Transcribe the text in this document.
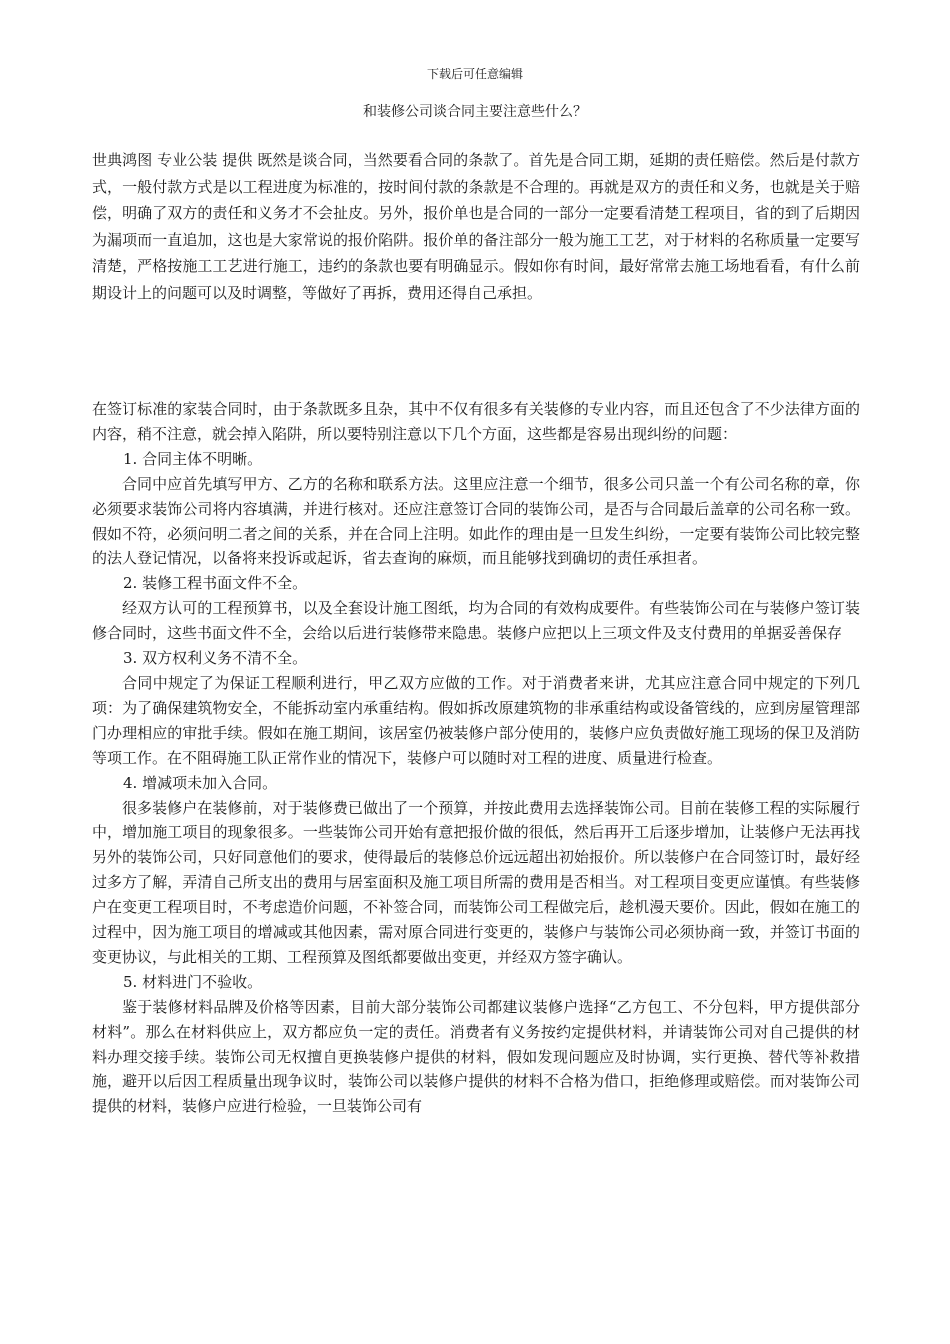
下载后可任意编辑
和装修公司谈合同主要注意些什么？

世典鸿图 专业公装 提供 既然是谈合同，当然要看合同的条款了。首先是合同工期，延期的责任赔偿。然后是付款方式，一般付款方式是以工程进度为标准的，按时间付款的条款是不合理的。再就是双方的责任和义务，也就是关于赔偿，明确了双方的责任和义务才不会扯皮。另外，报价单也是合同的一部分一定要看清楚工程项目，省的到了后期因为漏项而一直追加，这也是大家常说的报价陷阱。报价单的备注部分一般为施工工艺，对于材料的名称质量一定要写清楚，严格按施工工艺进行施工，违约的条款也要有明确显示。假如你有时间，最好常常去施工场地看看，有什么前期设计上的问题可以及时调整，等做好了再拆，费用还得自己承担。

在签订标准的家装合同时，由于条款既多且杂，其中不仅有很多有关装修的专业内容，而且还包含了不少法律方面的内容，稍不注意，就会掉入陷阱，所以要特别注意以下几个方面，这些都是容易出现纠纷的问题：

1. 合同主体不明晰。

合同中应首先填写甲方、乙方的名称和联系方法。这里应注意一个细节，很多公司只盖一个有公司名称的章，你必须要求装饰公司将内容填满，并进行核对。还应注意签订合同的装饰公司，是否与合同最后盖章的公司名称一致。假如不符，必须问明二者之间的关系，并在合同上注明。如此作的理由是一旦发生纠纷，一定要有装饰公司比较完整的法人登记情况，以备将来投诉或起诉，省去查询的麻烦，而且能够找到确切的责任承担者。

2. 装修工程书面文件不全。

经双方认可的工程预算书，以及全套设计施工图纸，均为合同的有效构成要件。有些装饰公司在与装修户签订装修合同时，这些书面文件不全，会给以后进行装修带来隐患。装修户应把以上三项文件及支付费用的单据妥善保存

3. 双方权利义务不清不全。

合同中规定了为保证工程顺利进行，甲乙双方应做的工作。对于消费者来讲，尤其应注意合同中规定的下列几项：为了确保建筑物安全，不能拆动室内承重结构。假如拆改原建筑物的非承重结构或设备管线的，应到房屋管理部门办理相应的审批手续。假如在施工期间，该居室仍被装修户部分使用的，装修户应负责做好施工现场的保卫及消防等项工作。在不阻碍施工队正常作业的情况下，装修户可以随时对工程的进度、质量进行检查。

4. 增减项未加入合同。

很多装修户在装修前，对于装修费已做出了一个预算，并按此费用去选择装饰公司。目前在装修工程的实际履行中，增加施工项目的现象很多。一些装饰公司开始有意把报价做的很低，然后再开工后逐步增加，让装修户无法再找另外的装饰公司，只好同意他们的要求，使得最后的装修总价远远超出初始报价。所以装修户在合同签订时，最好经过多方了解，弄清自己所支出的费用与居室面积及施工项目所需的费用是否相当。对工程项目变更应谨慎。有些装修户在变更工程项目时，不考虑造价问题，不补签合同，而装饰公司工程做完后，趁机漫天要价。因此，假如在施工的过程中，因为施工项目的增减或其他因素，需对原合同进行变更的，装修户与装饰公司必须协商一致，并签订书面的变更协议，与此相关的工期、工程预算及图纸都要做出变更，并经双方签字确认。

5. 材料进门不验收。

鉴于装修材料品牌及价格等因素，目前大部分装饰公司都建议装修户选择“乙方包工、不分包料，甲方提供部分材料”。那么在材料供应上，双方都应负一定的责任。消费者有义务按约定提供材料，并请装饰公司对自己提供的材料办理交接手续。装饰公司无权擅自更换装修户提供的材料，假如发现问题应及时协调，实行更换、替代等补救措施，避开以后因工程质量出现争议时，装饰公司以装修户提供的材料不合格为借口，拒绝修理或赔偿。而对装饰公司提供的材料，装修户应进行检验，一旦装饰公司有
